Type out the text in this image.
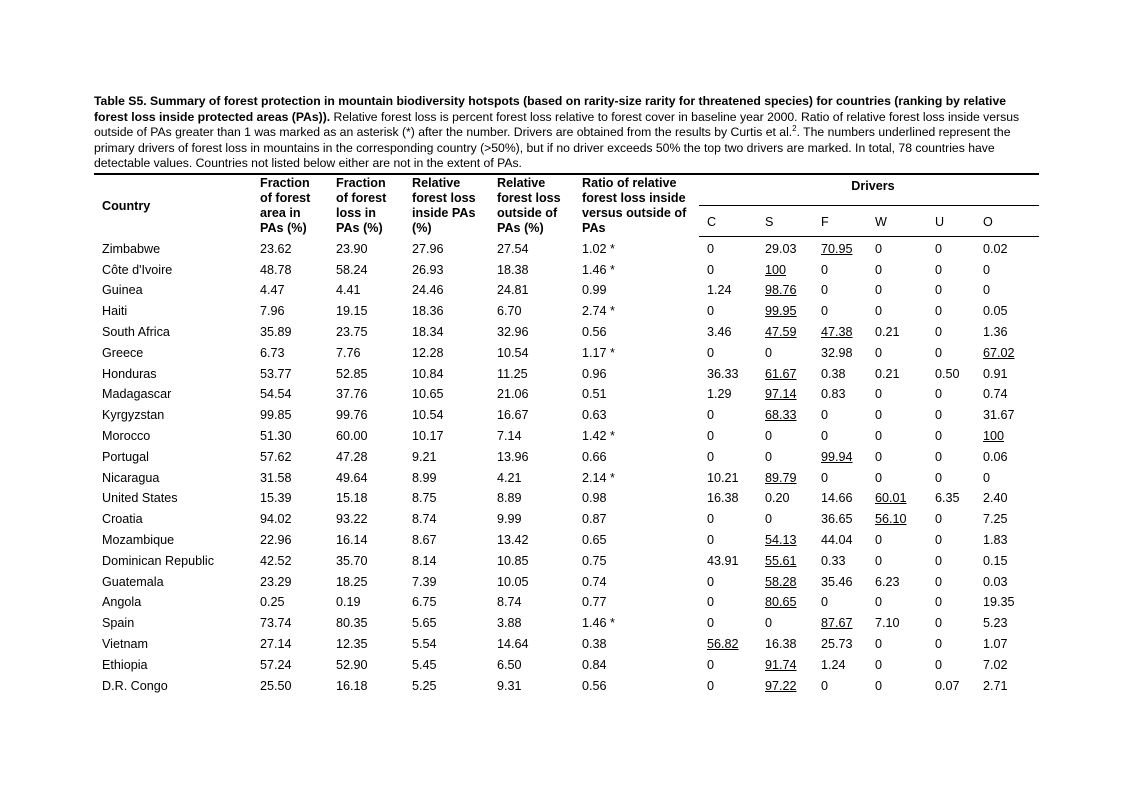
Table S5. Summary of forest protection in mountain biodiversity hotspots (based on rarity-size rarity for threatened species) for countries (ranking by relative forest loss inside protected areas (PAs)). Relative forest loss is percent forest loss relative to forest cover in baseline year 2000. Ratio of relative forest loss inside versus outside of PAs greater than 1 was marked as an asterisk (*) after the number. Drivers are obtained from the results by Curtis et al.$^2$. The numbers underlined represent the primary drivers of forest loss in mountains in the corresponding country (>50%), but if no driver exceeds 50% the top two drivers are marked. In total, 78 countries have detectable values. Countries not listed below either are not in the extent of PAs.

Country	Fraction
of forest
area in
PAs (%)	Fraction
of forest
loss in
PAs (%)	Relative
forest loss
inside PAs
(%)	Relative
forest loss
outside of
PAs (%)	Ratio of relative
forest loss inside
versus outside of
PAs	Drivers					
						C	S	F	W	U	O
Zimbabwe	23.62	23.90	27.96	27.54	1.02 *	0	29.03	70.95	0	0	0.02
Côte d'Ivoire	48.78	58.24	26.93	18.38	1.46 *	0	100	0	0	0	0
Guinea	4.47	4.41	24.46	24.81	0.99	1.24	98.76	0	0	0	0
Haiti	7.96	19.15	18.36	6.70	2.74 *	0	99.95	0	0	0	0.05
South Africa	35.89	23.75	18.34	32.96	0.56	3.46	47.59	47.38	0.21	0	1.36
Greece	6.73	7.76	12.28	10.54	1.17 *	0	0	32.98	0	0	67.02
Honduras	53.77	52.85	10.84	11.25	0.96	36.33	61.67	0.38	0.21	0.50	0.91
Madagascar	54.54	37.76	10.65	21.06	0.51	1.29	97.14	0.83	0	0	0.74
Kyrgyzstan	99.85	99.76	10.54	16.67	0.63	0	68.33	0	0	0	31.67
Morocco	51.30	60.00	10.17	7.14	1.42 *	0	0	0	0	0	100
Portugal	57.62	47.28	9.21	13.96	0.66	0	0	99.94	0	0	0.06
Nicaragua	31.58	49.64	8.99	4.21	2.14 *	10.21	89.79	0	0	0	0
United States	15.39	15.18	8.75	8.89	0.98	16.38	0.20	14.66	60.01	6.35	2.40
Croatia	94.02	93.22	8.74	9.99	0.87	0	0	36.65	56.10	0	7.25
Mozambique	22.96	16.14	8.67	13.42	0.65	0	54.13	44.04	0	0	1.83
Dominican Republic	42.52	35.70	8.14	10.85	0.75	43.91	55.61	0.33	0	0	0.15
Guatemala	23.29	18.25	7.39	10.05	0.74	0	58.28	35.46	6.23	0	0.03
Angola	0.25	0.19	6.75	8.74	0.77	0	80.65	0	0	0	19.35
Spain	73.74	80.35	5.65	3.88	1.46 *	0	0	87.67	7.10	0	5.23
Vietnam	27.14	12.35	5.54	14.64	0.38	56.82	16.38	25.73	0	0	1.07
Ethiopia	57.24	52.90	5.45	6.50	0.84	0	91.74	1.24	0	0	7.02
D.R. Congo	25.50	16.18	5.25	9.31	0.56	0	97.22	0	0	0.07	2.71
